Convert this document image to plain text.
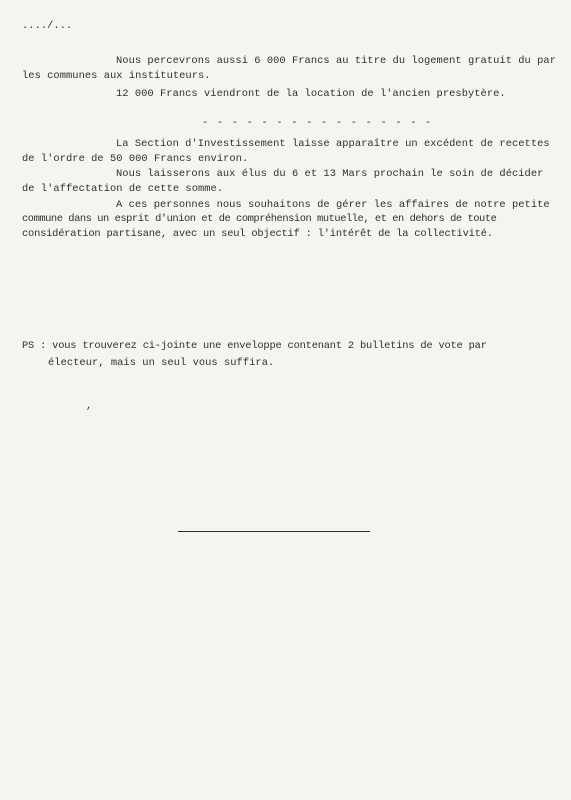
..../...
Nous percevrons aussi 6 000 Francs au titre du logement gratuit du par
les communes aux instituteurs.
12 000 Francs viendront de la location de l'ancien presbytère.
- - - - - - - - - - - - - - - -
La Section d'Investissement laisse apparaître un excédent de recettes
de l'ordre de 50 000 Francs environ.
Nous laisserons aux élus du 6 et 13 Mars prochain le soin de décider
de l'affectation de cette somme.
A ces personnes nous souhaitons de gérer les affaires de notre petite
commune dans un esprit d'union et de compréhension mutuelle, et en dehors de toute
considération partisane, avec un seul objectif : l'intérêt de la collectivité.
PS : vous trouverez ci-jointe une enveloppe contenant 2 bulletins de vote par
électeur, mais un seul vous suffira.
,
